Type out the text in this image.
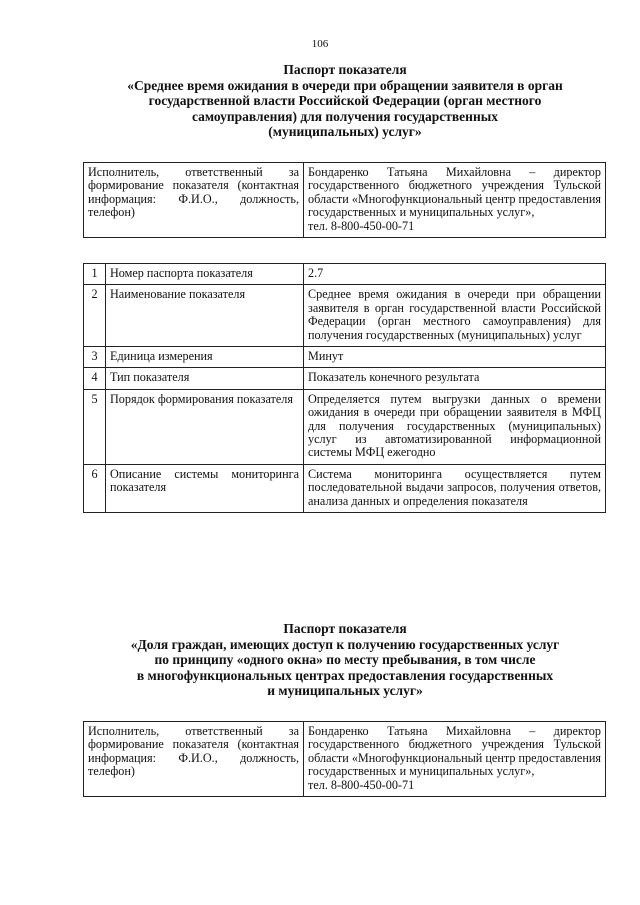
106
Паспорт показателя
«Среднее время ожидания в очереди при обращении заявителя в орган
государственной власти Российской Федерации (орган местного
самоуправления) для получения государственных
(муниципальных) услуг»
Исполнитель, ответственный за формирование показателя (контактная информация: Ф.И.О., должность, телефон)	Бондаренко Татьяна Михайловна – директор государственного бюджетного учреждения Тульской области «Многофункциональный центр предоставления государственных и муниципальных услуг»,
тел. 8-800-450-00-71
1	Номер паспорта показателя	2.7
2	Наименование показателя	Среднее время ожидания в очереди при обращении заявителя в орган государственной власти Российской Федерации (орган местного самоуправления) для получения государственных (муниципальных) услуг
3	Единица измерения	Минут
4	Тип показателя	Показатель конечного результата
5	Порядок формирования показателя	Определяется путем выгрузки данных о времени ожидания в очереди при обращении заявителя в МФЦ для получения государственных (муниципальных) услуг из автоматизированной информационной системы МФЦ ежегодно
6	Описание системы мониторинга показателя	Система мониторинга осуществляется путем последовательной выдачи запросов, получения ответов, анализа данных и определения показателя
Паспорт показателя
«Доля граждан, имеющих доступ к получению государственных услуг
по принципу «одного окна» по месту пребывания, в том числе
в многофункциональных центрах предоставления государственных
и муниципальных услуг»
Исполнитель, ответственный за формирование показателя (контактная информация: Ф.И.О., должность, телефон)	Бондаренко Татьяна Михайловна – директор государственного бюджетного учреждения Тульской области «Многофункциональный центр предоставления государственных и муниципальных услуг»,
тел. 8-800-450-00-71
